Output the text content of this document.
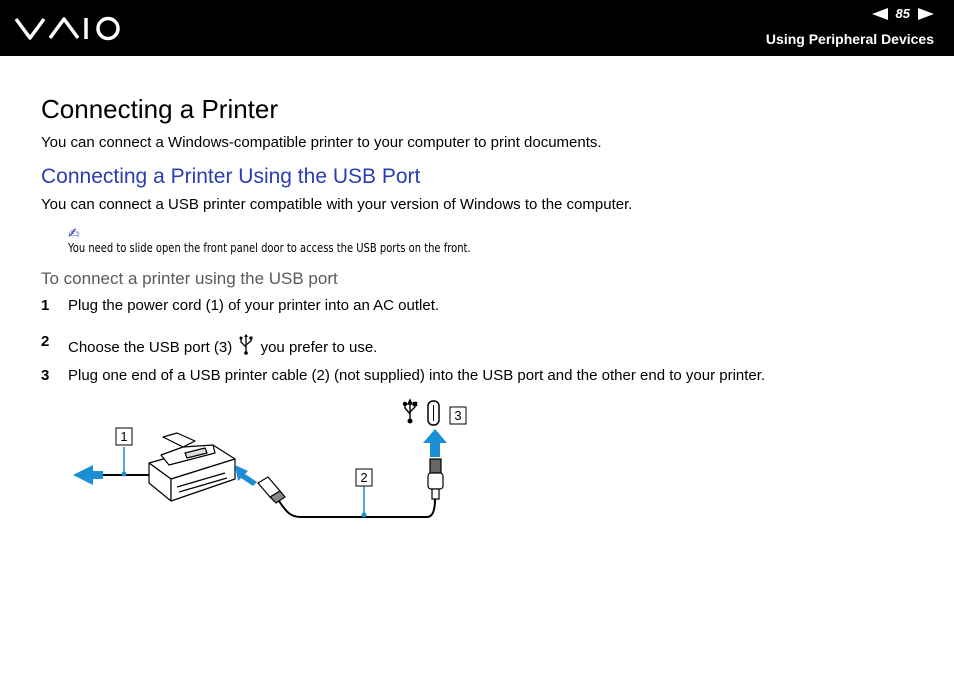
85
Using Peripheral Devices
Connecting a Printer

You can connect a Windows-compatible printer to your computer to print documents.

Connecting a Printer Using the USB Port

You can connect a USB printer compatible with your version of Windows to the computer.

✍
You need to slide open the front panel door to access the USB ports on the front.
To connect a printer using the USB port
1 Plug the power cord (1) of your printer into an AC outlet.
2 Choose the USB port (3) you prefer to use.
3 Plug one end of a USB printer cable (2) (not supplied) into the USB port and the other end to your printer.
1
2
3
